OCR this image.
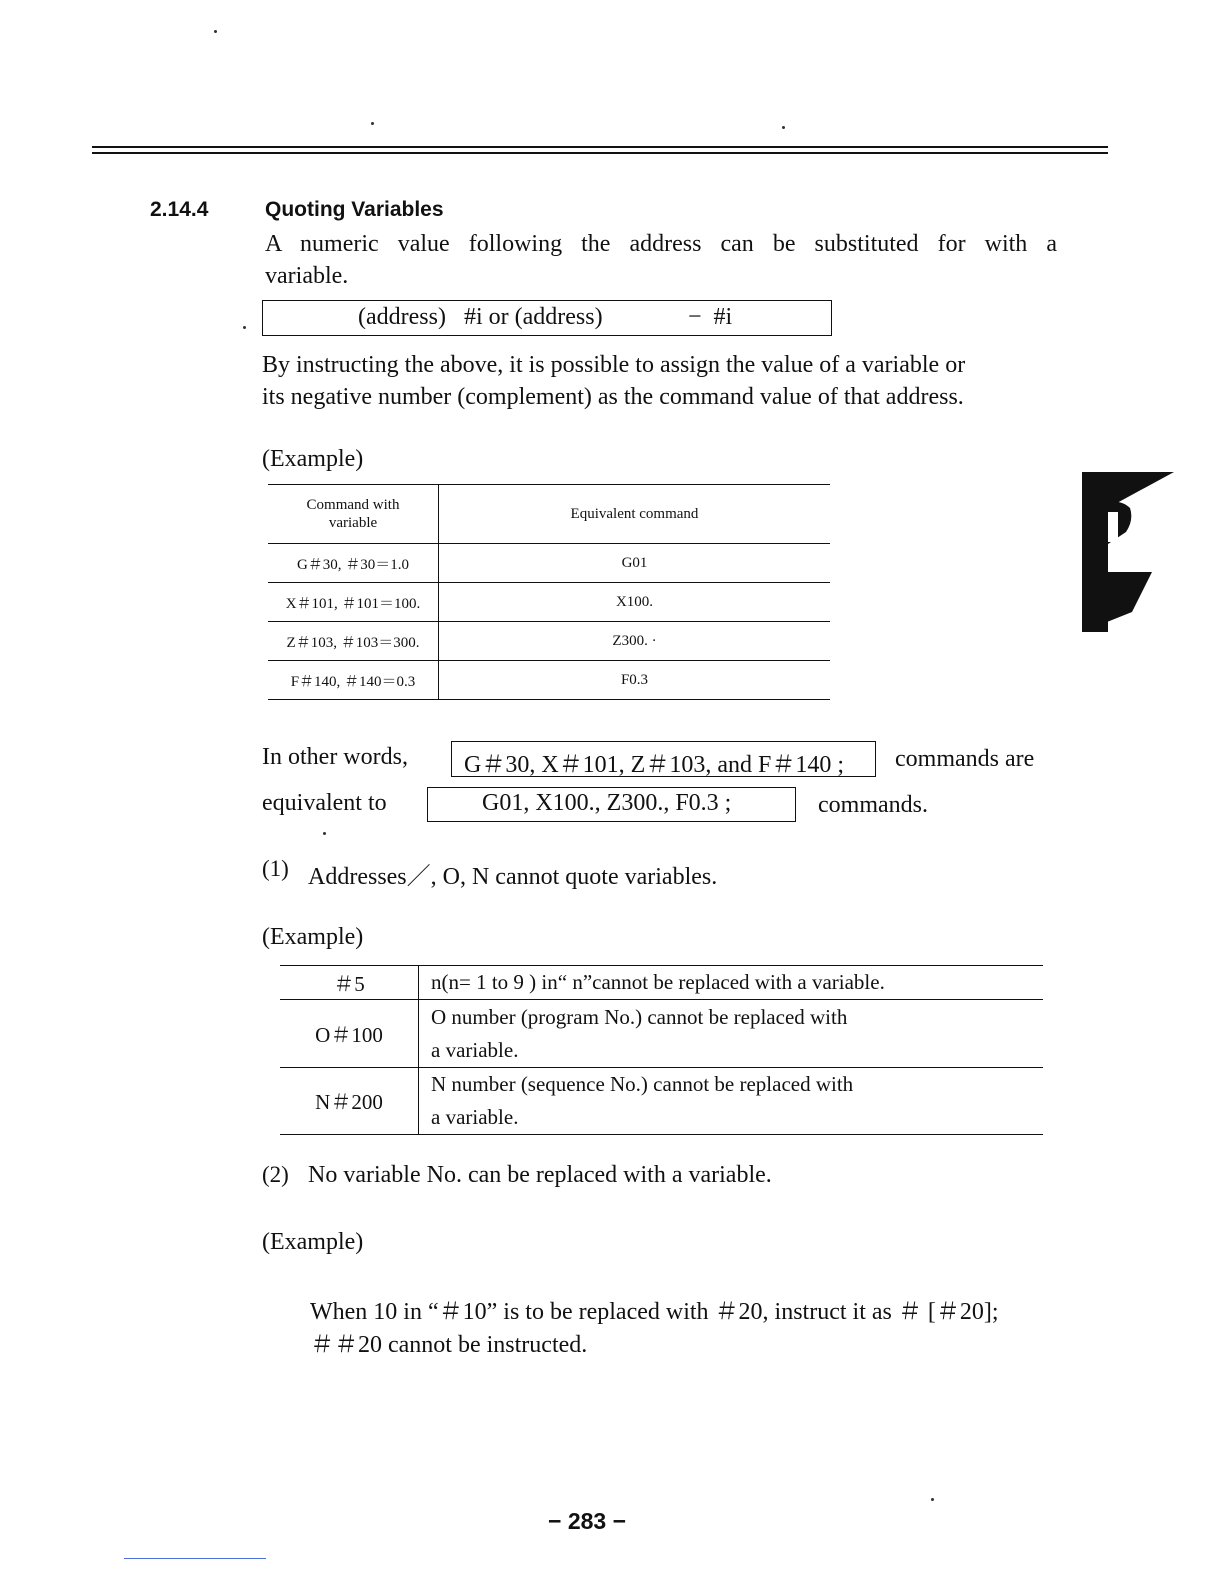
2.14.4	Quoting Variables
A numeric value following the address can be substituted for with a
variable.
(address)   #i or (address)	−  #i
By instructing the above, it is possible to assign the value of a variable or
its negative number (complement) as the command value of that address.
(Example)
Command with
variable	Equivalent command
G＃30, ＃30＝1.0	G01
X＃101, ＃101＝100.	X100.
Z＃103, ＃103＝300.	Z300. ·
F＃140, ＃140＝0.3	F0.3
In other words, G＃30, X＃101, Z＃103, and F＃140 ; commands are
equivalent to	G01, X100., Z300., F0.3 ;	commands.
(1) Addresses／, O, N cannot quote variables.
(Example)
＃5	n(n= 1 to 9 ) in“ n”cannot be replaced with a variable.
O＃100	O number (program No.) cannot be replaced with
a variable.

N＃200	N number (sequence No.) cannot be replaced with
a variable.
(2) No variable No. can be replaced with a variable.
(Example)
When 10 in “＃10” is to be replaced with ＃20, instruct it as ＃ [＃20];
＃＃20 cannot be instructed.
− 283 −
